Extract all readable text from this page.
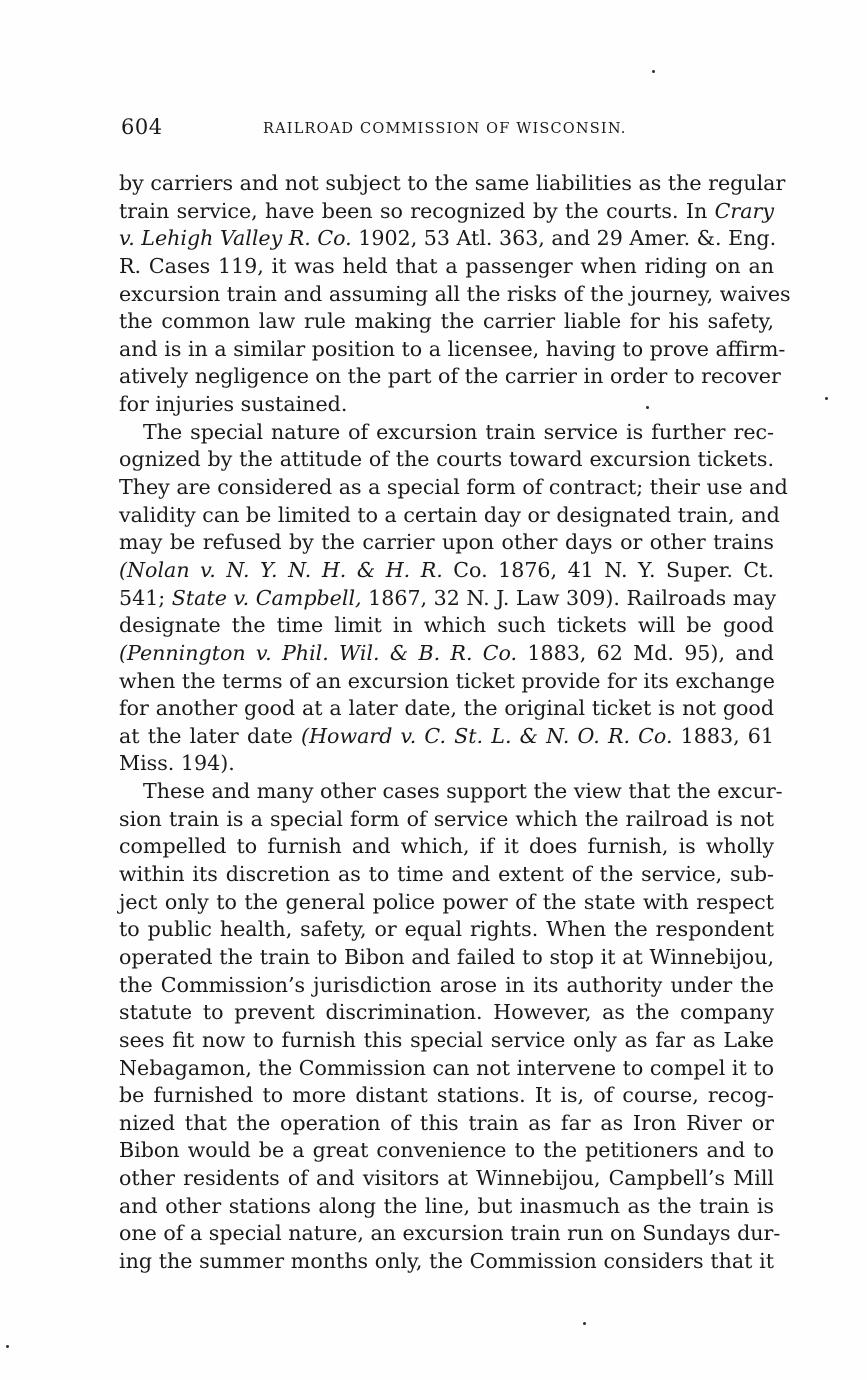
604	RAILROAD COMMISSION OF WISCONSIN.
by carriers and not subject to the same liabilities as the regular
train service, have been so recognized by the courts. In Crary
v. Lehigh Valley R. Co. 1902, 53 Atl. 363, and 29 Amer. &. Eng.
R. Cases 119, it was held that a passenger when riding on an
excursion train and assuming all the risks of the journey, waives
the common law rule making the carrier liable for his safety,
and is in a similar position to a licensee, having to prove affirm-
atively negligence on the part of the carrier in order to recover
for injuries sustained.
The special nature of excursion train service is further rec-
ognized by the attitude of the courts toward excursion tickets.
They are considered as a special form of contract; their use and
validity can be limited to a certain day or designated train, and
may be refused by the carrier upon other days or other trains
(Nolan v. N. Y. N. H. & H. R. Co. 1876, 41 N. Y. Super. Ct.
541; State v. Campbell, 1867, 32 N. J. Law 309). Railroads may
designate the time limit in which such tickets will be good
(Pennington v. Phil. Wil. & B. R. Co. 1883, 62 Md. 95), and
when the terms of an excursion ticket provide for its exchange
for another good at a later date, the original ticket is not good
at the later date (Howard v. C. St. L. & N. O. R. Co. 1883, 61
Miss. 194).
These and many other cases support the view that the excur-
sion train is a special form of service which the railroad is not
compelled to furnish and which, if it does furnish, is wholly
within its discretion as to time and extent of the service, sub-
ject only to the general police power of the state with respect
to public health, safety, or equal rights. When the respondent
operated the train to Bibon and failed to stop it at Winnebijou,
the Commission’s jurisdiction arose in its authority under the
statute to prevent discrimination. However, as the company
sees fit now to furnish this special service only as far as Lake
Nebagamon, the Commission can not intervene to compel it to
be furnished to more distant stations. It is, of course, recog-
nized that the operation of this train as far as Iron River or
Bibon would be a great convenience to the petitioners and to
other residents of and visitors at Winnebijou, Campbell’s Mill
and other stations along the line, but inasmuch as the train is
one of a special nature, an excursion train run on Sundays dur-
ing the summer months only, the Commission considers that it
